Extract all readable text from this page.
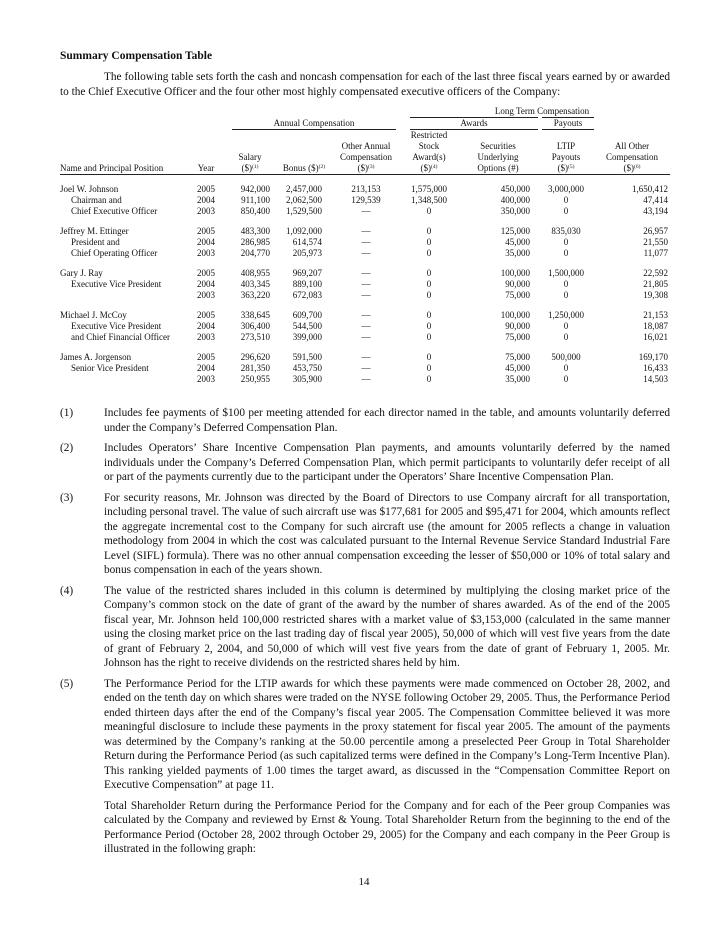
Summary Compensation Table
The following table sets forth the cash and noncash compensation for each of the last three fiscal years earned by or awarded to the Chief Executive Officer and the four other most highly compensated executive officers of the Company:
					Long Term Compensation			

		Annual Compensation			Awards		Payouts	

					Restricted			
				Other Annual	Stock	Securities	LTIP	All Other
		Salary		Compensation	Award(s)	Underlying	Payouts	Compensation
Name and Principal Position	Year	($)$^{(1)}$	Bonus ($)$^{(2)}$	($)$^{(3)}$	($)$^{(4)}$	Options (#)	($)$^{(5)}$	($)$^{(6)}$

Joel W. Johnson	2005	942,000	2,457,000	213,153	1,575,000	450,000	3,000,000	1,650,412
Chairman and	2004	911,100	2,062,500	129,539	1,348,500	400,000	0	47,414
Chief Executive Officer	2003	850,400	1,529,500	—	0	350,000	0	43,194

Jeffrey M. Ettinger	2005	483,300	1,092,000	—	0	125,000	835,030	26,957
President and	2004	286,985	614,574	—	0	45,000	0	21,550
Chief Operating Officer	2003	204,770	205,973	—	0	35,000	0	11,077

Gary J. Ray	2005	408,955	969,207	—	0	100,000	1,500,000	22,592
Executive Vice President	2004	403,345	889,100	—	0	90,000	0	21,805
	2003	363,220	672,083	—	0	75,000	0	19,308

Michael J. McCoy	2005	338,645	609,700	—	0	100,000	1,250,000	21,153
Executive Vice President	2004	306,400	544,500	—	0	90,000	0	18,087
and Chief Financial Officer	2003	273,510	399,000	—	0	75,000	0	16,021

James A. Jorgenson	2005	296,620	591,500	—	0	75,000	500,000	169,170
Senior Vice President	2004	281,350	453,750	—	0	45,000	0	16,433
	2003	250,955	305,900	—	0	35,000	0	14,503
(1)	Includes fee payments of $100 per meeting attended for each director named in the table, and amounts voluntarily deferred under the Company’s Deferred Compensation Plan.
(2)	Includes Operators’ Share Incentive Compensation Plan payments, and amounts voluntarily deferred by the named individuals under the Company’s Deferred Compensation Plan, which permit participants to voluntarily defer receipt of all or part of the payments currently due to the participant under the Operators’ Share Incentive Compensation Plan.
(3)	For security reasons, Mr. Johnson was directed by the Board of Directors to use Company aircraft for all transportation, including personal travel. The value of such aircraft use was $177,681 for 2005 and $95,471 for 2004, which amounts reflect the aggregate incremental cost to the Company for such aircraft use (the amount for 2005 reflects a change in valuation methodology from 2004 in which the cost was calculated pursuant to the Internal Revenue Service Standard Industrial Fare Level (SIFL) formula). There was no other annual compensation exceeding the lesser of $50,000 or 10% of total salary and bonus compensation in each of the years shown.
(4)	The value of the restricted shares included in this column is determined by multiplying the closing market price of the Company’s common stock on the date of grant of the award by the number of shares awarded. As of the end of the 2005 fiscal year, Mr. Johnson held 100,000 restricted shares with a market value of $3,153,000 (calculated in the same manner using the closing market price on the last trading day of fiscal year 2005), 50,000 of which will vest five years from the date of grant of February 2, 2004, and 50,000 of which will vest five years from the date of grant of February 1, 2005. Mr. Johnson has the right to receive dividends on the restricted shares held by him.
(5)	The Performance Period for the LTIP awards for which these payments were made commenced on October 28, 2002, and ended on the tenth day on which shares were traded on the NYSE following October 29, 2005. Thus, the Performance Period ended thirteen days after the end of the Company’s fiscal year 2005. The Compensation Committee believed it was more meaningful disclosure to include these payments in the proxy statement for fiscal year 2005. The amount of the payments was determined by the Company’s ranking at the 50.00 percentile among a preselected Peer Group in Total Shareholder Return during the Performance Period (as such capitalized terms were defined in the Company’s Long-Term Incentive Plan). This ranking yielded payments of 1.00 times the target award, as discussed in the “Compensation Committee Report on Executive Compensation” at page 11.
Total Shareholder Return during the Performance Period for the Company and for each of the Peer group Companies was calculated by the Company and reviewed by Ernst & Young. Total Shareholder Return from the beginning to the end of the Performance Period (October 28, 2002 through October 29, 2005) for the Company and each company in the Peer Group is illustrated in the following graph:
14
